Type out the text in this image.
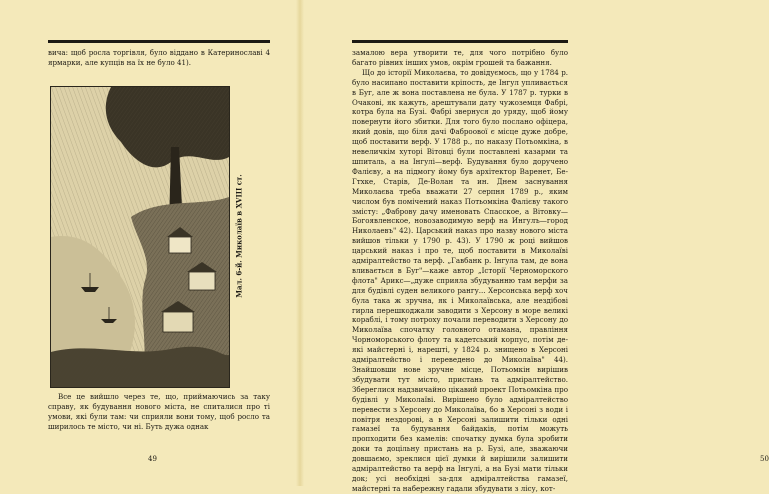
вича: щоб росла торгівля, було віддано в Катеринославі 4 ярмарки, але купців на їх не було 41).

Мал. 6-й. Миколаїв в XVIII ст.

Все це вийшло через те, що, приймаючись за таку справу, як будування нового міста, не спиталися про ті умови, які були там: чи сприяли вони тому, щоб росло та ширилось те місто, чи ні. Буть дужа однак

49

замалою вера утворити те, для чого потрібно було багато рівних інших умов, окрім грошей та бажання.

Що до історії Миколаєва, то довідуємось, що у 1784 р. було насипано поставити кріпость, де Інгул упливається в Буг, але ж вона поставлена не була. У 1787 р. турки в Очакові, як кажуть, арештували дату чужоземця Фабрі, котра була на Бузі. Фабрі звернуся до уряду, щоб йому повернути його збитки. Для того було послано офіцера, який довів, що біля дачі Фаброової є місце дуже добре, щоб поставити верф. У 1788 р., по наказу Потьомкіна, в невеличкім хуторі Вітовці були поставлені казарми та шпиталь, а на Інгулі—верф. Будування було доручено Фалієву, а на підмогу йому був архітектор Варенет, Бе-Гтхке, Старів, Де-Волан та ин. Днем заснування Миколаєва треба вважати 27 серпня 1789 р., яким числом був помічений наказ Потьомкіна Фалієву такого змісту: „Фаброву дачу именовать Спасское, а Вітовку—Богоявленское, новозаводимую верф на Ингулъ—город Николаевъ" 42). Царський наказ про назву нового міста вийшов тільки у 1790 р. 43). У 1790 ж році вийшов царський наказ і про те, щоб поставити в Миколаїві адміралтейство та верф. „Гавбанк р. Інгула там, де вона вливається в Буг"—каже автор „Історії Черноморского флота" Арикс—„дуже сприяла збудуванню там верфи за для будівлі суден великого рангу... Херсонська верф хоч була така ж зручна, як і Миколаївська, але нездібові гирла перешкоджали заводити з Херсону в море великі кораблі, і тому потроху почали переводити з Херсону до Миколаїва спочатку головного отамана, правління Чорноморського флоту та кадетський корпус, потім де-які майстерні і, нарешті, у 1824 р. знищено в Херсоні адміралтейство і переведено до Миколаїва" 44). Знайшовши нове зручне місце, Потьомкін вирішив збудувати тут місто, пристань та адміралтейство. Збереглися надзвичайно цікавий проект Потьомкіна про будівлі у Миколаїві. Вирішено було адміралтейство перевести з Херсону до Миколаїва, бо в Херсоні з води і повітря нездорові, а в Херсоні залишити тільки одні гамазеї та будування байдаків, потім можуть пропходити без камелів: спочатку думка була зробити доки та доцільну пристань на р. Бузі, але, зважаючи довшаємо, зреклися цієї думки й вирішили залишити адміралтейство та верф на Інгулі, а на Бузі мати тільки док; усі необхідні за-для адміралтейства гамазеї, майстерні та набережну гадали збудувати з лісу, кот-

50
